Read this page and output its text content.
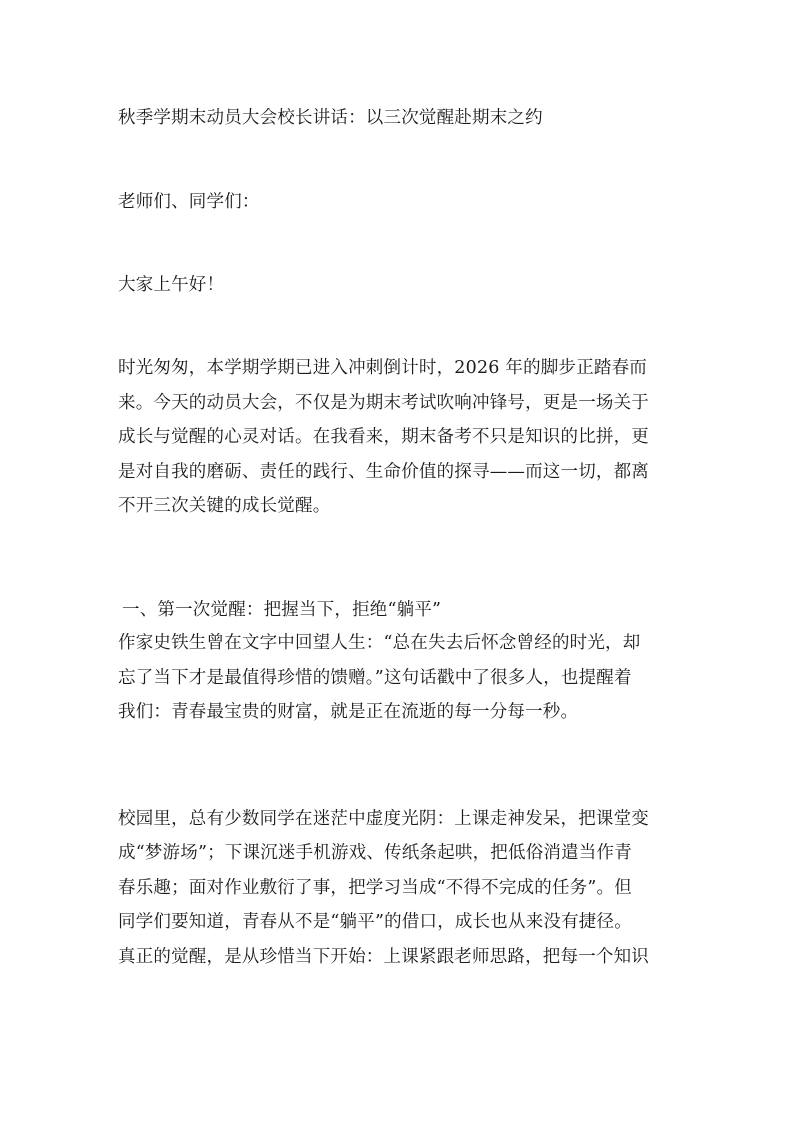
秋季学期末动员大会校长讲话：以三次觉醒赴期末之约
老师们、同学们：
大家上午好！
时光匆匆，本学期学期已进入冲刺倒计时，2026 年的脚步正踏春而
来。今天的动员大会，不仅是为期末考试吹响冲锋号，更是一场关于
成长与觉醒的心灵对话。在我看来，期末备考不只是知识的比拼，更
是对自我的磨砺、责任的践行、生命价值的探寻——而这一切，都离
不开三次关键的成长觉醒。
一、第一次觉醒：把握当下，拒绝“躺平”
作家史铁生曾在文字中回望人生：“总在失去后怀念曾经的时光，却
忘了当下才是最值得珍惜的馈赠。”这句话戳中了很多人，也提醒着
我们：青春最宝贵的财富，就是正在流逝的每一分每一秒。
校园里，总有少数同学在迷茫中虚度光阴：上课走神发呆，把课堂变
成“梦游场”；下课沉迷手机游戏、传纸条起哄，把低俗消遣当作青
春乐趣；面对作业敷衍了事，把学习当成“不得不完成的任务”。但
同学们要知道，青春从不是“躺平”的借口，成长也从来没有捷径。
真正的觉醒，是从珍惜当下开始：上课紧跟老师思路，把每一个知识
